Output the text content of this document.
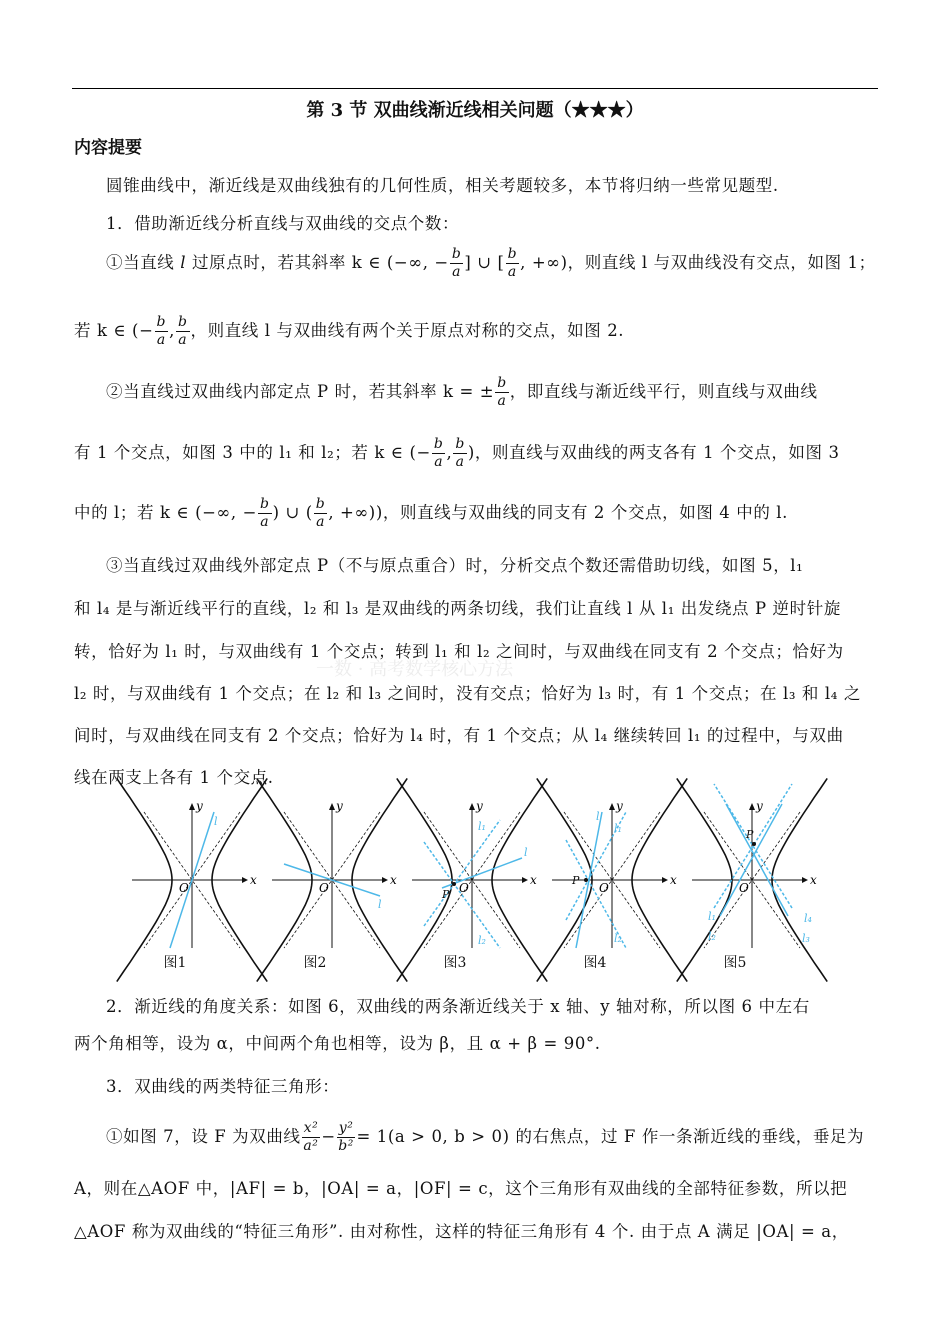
第 3 节 双曲线渐近线相关问题（★★★）
内容提要
一数 · 高考数学核心方法
圆锥曲线中，渐近线是双曲线独有的几何性质，相关考题较多，本节将归纳一些常见题型.
1．借助渐近线分析直线与双曲线的交点个数：
①当直线 l 过原点时，若其斜率 k ∈ (−∞, − $\frac{b}{a}$ ] ∪ [ $\frac{b}{a}$ , +∞)，则直线 l 与双曲线没有交点，如图 1；
若 k ∈ (− $\frac{b}{a}$ , $\frac{b}{a}$ ，则直线 l 与双曲线有两个关于原点对称的交点，如图 2.
②当直线过双曲线内部定点 P 时，若其斜率 k = ± $\frac{b}{a}$ ，即直线与渐近线平行，则直线与双曲线
有 1 个交点，如图 3 中的 l₁ 和 l₂；若 k ∈ (− $\frac{b}{a}$ , $\frac{b}{a}$ )，则直线与双曲线的两支各有 1 个交点，如图 3
中的 l；若 k ∈ (−∞, − $\frac{b}{a}$ ) ∪ ( $\frac{b}{a}$ , +∞))，则直线与双曲线的同支有 2 个交点，如图 4 中的 l.
③当直线过双曲线外部定点 P（不与原点重合）时，分析交点个数还需借助切线，如图 5，l₁
和 l₄ 是与渐近线平行的直线，l₂ 和 l₃ 是双曲线的两条切线，我们让直线 l 从 l₁ 出发绕点 P 逆时针旋
转，恰好为 l₁ 时，与双曲线有 1 个交点；转到 l₁ 和 l₂ 之间时，与双曲线在同支有 2 个交点；恰好为
l₂ 时，与双曲线有 1 个交点；在 l₂ 和 l₃ 之间时，没有交点；恰好为 l₃ 时，有 1 个交点；在 l₃ 和 l₄ 之
间时，与双曲线在同支有 2 个交点；恰好为 l₄ 时，有 1 个交点；从 l₄ 继续转回 l₁ 的过程中，与双曲
线在两支上各有 1 个交点.
x
y
O
l
x
y
O
l
x
y
O
P
l₁
l₂
l
x
y
O
P
l
l₁
l₂
x
y
O
P
l₁
l₂	l₃
l₄
图1	图2	图3	图4	图5
2．渐近线的角度关系：如图 6，双曲线的两条渐近线关于 x 轴、y 轴对称，所以图 6 中左右
两个角相等，设为 α，中间两个角也相等，设为 β，且 α + β = 90°.
3．双曲线的两类特征三角形：
①如图 7，设 F 为双曲线 $\frac{\text{x²}}{\text{a²}} - \frac{\text{y²}}{\text{b²}} = 1(a > 0$, b > 0) 的右焦点，过 F 作一条渐近线的垂线，垂足为
A，则在△AOF 中，|AF| = b，|OA| = a，|OF| = c，这个三角形有双曲线的全部特征参数，所以把
△AOF 称为双曲线的“特征三角形”. 由对称性，这样的特征三角形有 4 个. 由于点 A 满足 |OA| = a，
